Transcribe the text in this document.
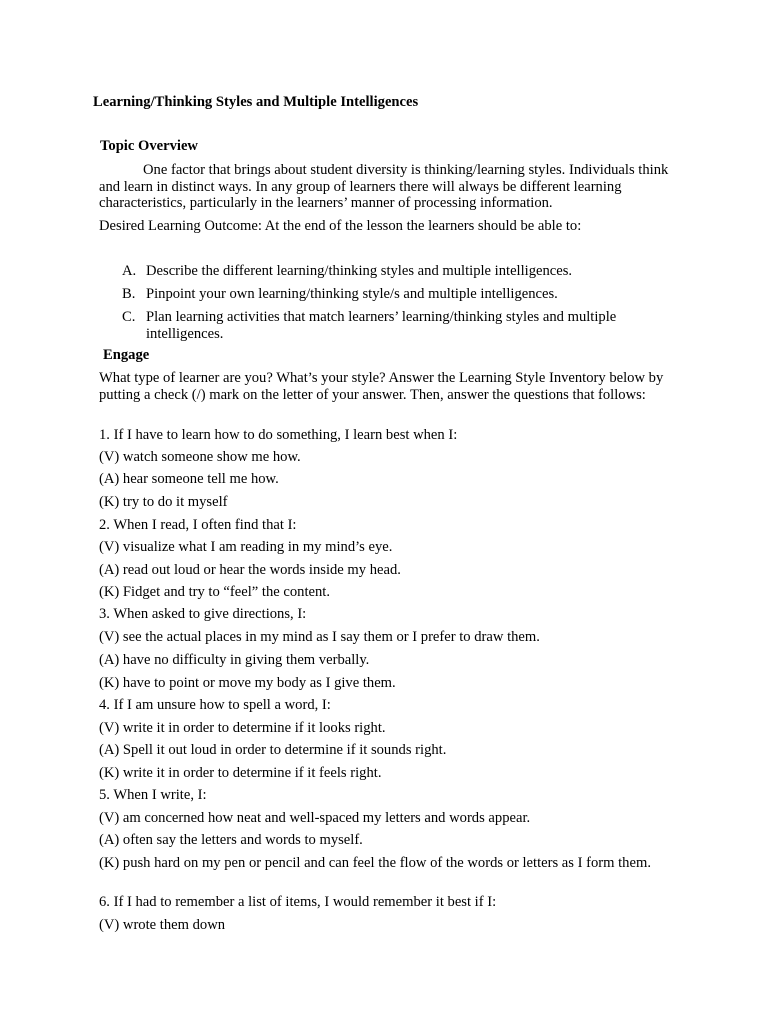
Learning/Thinking Styles and Multiple Intelligences

Topic Overview

One factor that brings about student diversity is thinking/learning styles. Individuals think and learn in distinct ways. In any group of learners there will always be different learning characteristics, particularly in the learners’ manner of processing information.

Desired Learning Outcome: At the end of the lesson the learners should be able to:

A. Describe the different learning/thinking styles and multiple intelligences.
B. Pinpoint your own learning/thinking style/s and multiple intelligences.
C. Plan learning activities that match learners’ learning/thinking styles and multiple intelligences.

Engage

What type of learner are you? What’s your style? Answer the Learning Style Inventory below by putting a check (/) mark on the letter of your answer. Then, answer the questions that follows:

1. If I have to learn how to do something, I learn best when I:

(V) watch someone show me how.

(A) hear someone tell me how.

(K) try to do it myself

2. When I read, I often find that I:

(V) visualize what I am reading in my mind’s eye.

(A) read out loud or hear the words inside my head.

(K) Fidget and try to “feel” the content.

3. When asked to give directions, I:

(V) see the actual places in my mind as I say them or I prefer to draw them.

(A) have no difficulty in giving them verbally.

(K) have to point or move my body as I give them.

4. If I am unsure how to spell a word, I:

(V) write it in order to determine if it looks right.

(A) Spell it out loud in order to determine if it sounds right.

(K) write it in order to determine if it feels right.

5. When I write, I:

(V) am concerned how neat and well-spaced my letters and words appear.

(A) often say the letters and words to myself.

(K) push hard on my pen or pencil and can feel the flow of the words or letters as I form them.

6. If I had to remember a list of items, I would remember it best if I:

(V) wrote them down
